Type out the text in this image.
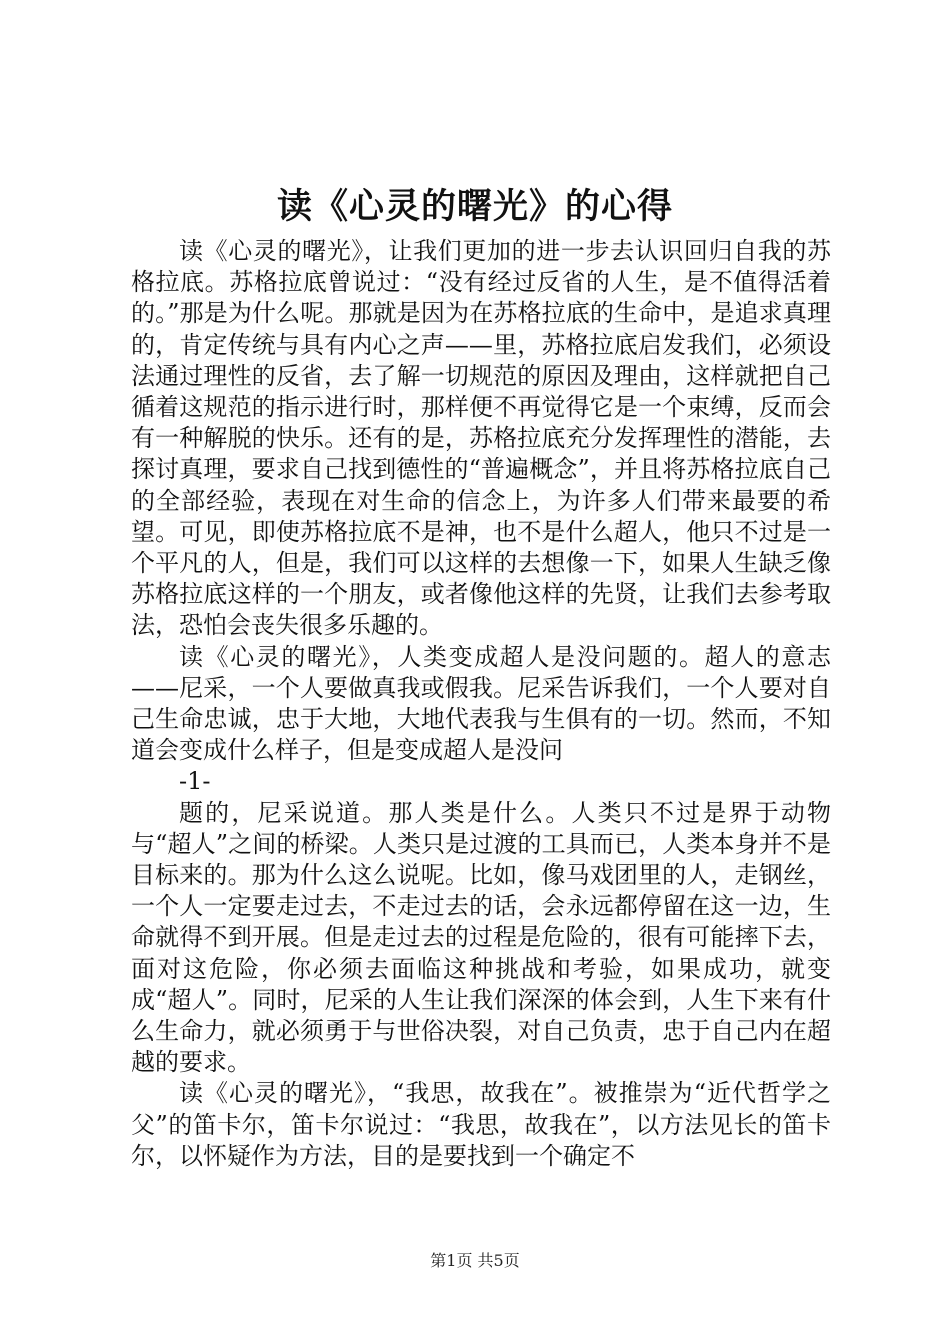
读《心灵的曙光》的心得

读《心灵的曙光》，让我们更加的进一步去认识回归自我的苏格拉底。苏格拉底曾说过：“没有经过反省的人生，是不值得活着的。”那是为什么呢。那就是因为在苏格拉底的生命中，是追求真理的，肯定传统与具有内心之声——里，苏格拉底启发我们，必须设法通过理性的反省，去了解一切规范的原因及理由，这样就把自己循着这规范的指示进行时，那样便不再觉得它是一个束缚，反而会有一种解脱的快乐。还有的是，苏格拉底充分发挥理性的潜能，去探讨真理，要求自己找到德性的“普遍概念”，并且将苏格拉底自己的全部经验，表现在对生命的信念上，为许多人们带来最要的希望。可见，即使苏格拉底不是神，也不是什么超人，他只不过是一个平凡的人，但是，我们可以这样的去想像一下，如果人生缺乏像苏格拉底这样的一个朋友，或者像他这样的先贤，让我们去参考取法，恐怕会丧失很多乐趣的。

读《心灵的曙光》，人类变成超人是没问题的。超人的意志——尼采，一个人要做真我或假我。尼采告诉我们，一个人要对自己生命忠诚，忠于大地，大地代表我与生俱有的一切。然而，不知道会变成什么样子，但是变成超人是没问

-1-

题的，尼采说道。那人类是什么。人类只不过是界于动物与“超人”之间的桥梁。人类只是过渡的工具而已，人类本身并不是目标来的。那为什么这么说呢。比如，像马戏团里的人，走钢丝，一个人一定要走过去，不走过去的话，会永远都停留在这一边，生命就得不到开展。但是走过去的过程是危险的，很有可能摔下去，面对这危险，你必须去面临这种挑战和考验，如果成功，就变成“超人”。同时，尼采的人生让我们深深的体会到，人生下来有什么生命力，就必须勇于与世俗决裂，对自己负责，忠于自己内在超越的要求。

读《心灵的曙光》，“我思，故我在”。被推崇为“近代哲学之父”的笛卡尔，笛卡尔说过：“我思，故我在”，以方法见长的笛卡尔，以怀疑作为方法，目的是要找到一个确定不

第1页 共5页
